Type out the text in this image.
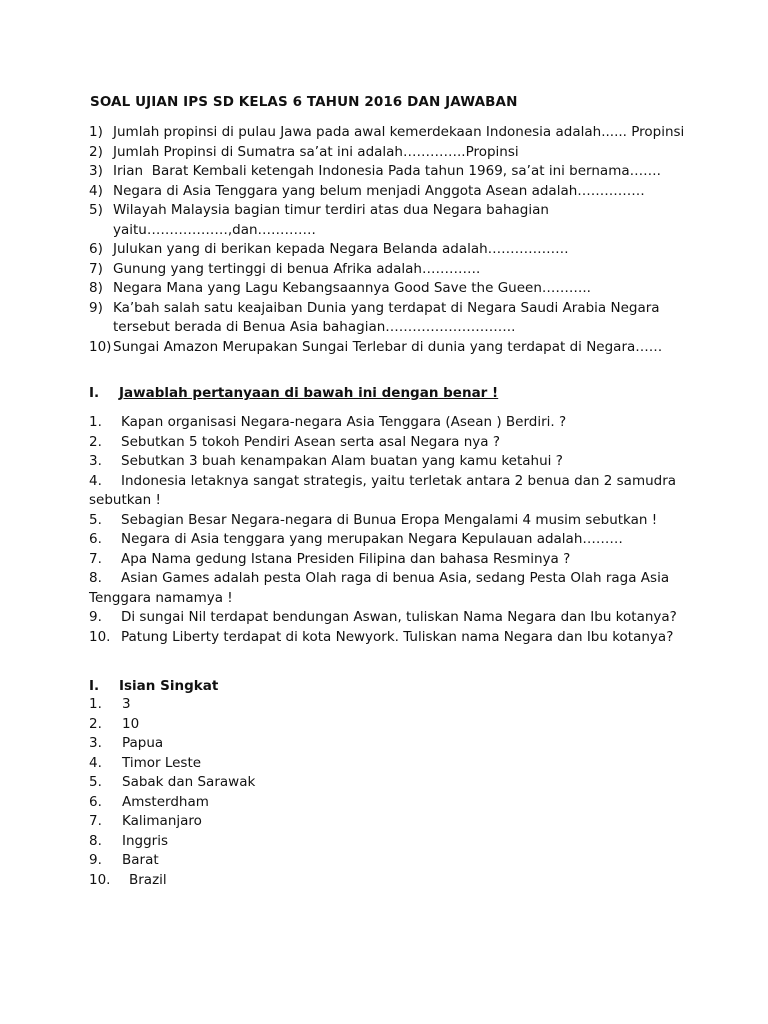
SOAL UJIAN IPS SD KELAS 6 TAHUN 2016 DAN JAWABAN
1) Jumlah propinsi di pulau Jawa pada awal kemerdekaan Indonesia adalah...... Propinsi
2) Jumlah Propinsi di Sumatra sa’at ini adalah…………..Propinsi
3) Irian  Barat Kembali ketengah Indonesia Pada tahun 1969, sa’at ini bernama…….
4) Negara di Asia Tenggara yang belum menjadi Anggota Asean adalah……………
5) Wilayah Malaysia bagian timur terdiri atas dua Negara bahagian yaitu………………,dan………….
6) Julukan yang di berikan kepada Negara Belanda adalah………………
7) Gunung yang tertinggi di benua Afrika adalah………….
8) Negara Mana yang Lagu Kebangsaannya Good Save the Gueen………..
9) Ka’bah salah satu keajaiban Dunia yang terdapat di Negara Saudi Arabia Negara tersebut berada di Benua Asia bahagian………………………..
10) Sungai Amazon Merupakan Sungai Terlebar di dunia yang terdapat di Negara……
I. Jawablah pertanyaan di bawah ini dengan benar !
1. Kapan organisasi Negara-negara Asia Tenggara (Asean ) Berdiri. ?
2. Sebutkan 5 tokoh Pendiri Asean serta asal Negara nya ?
3. Sebutkan 3 buah kenampakan Alam buatan yang kamu ketahui ?
4. Indonesia letaknya sangat strategis, yaitu terletak antara 2 benua dan 2 samudra sebutkan !
5. Sebagian Besar Negara-negara di Bunua Eropa Mengalami 4 musim sebutkan !
6. Negara di Asia tenggara yang merupakan Negara Kepulauan adalah………
7. Apa Nama gedung Istana Presiden Filipina dan bahasa Resminya ?
8. Asian Games adalah pesta Olah raga di benua Asia, sedang Pesta Olah raga Asia Tenggara namamya !
9. Di sungai Nil terdapat bendungan Aswan, tuliskan Nama Negara dan Ibu kotanya?
10. Patung Liberty terdapat di kota Newyork. Tuliskan nama Negara dan Ibu kotanya?
I. Isian Singkat
1. 3
2. 10
3. Papua
4. Timor Leste
5. Sabak dan Sarawak
6. Amsterdham
7. Kalimanjaro
8. Inggris
9. Barat
10. Brazil
